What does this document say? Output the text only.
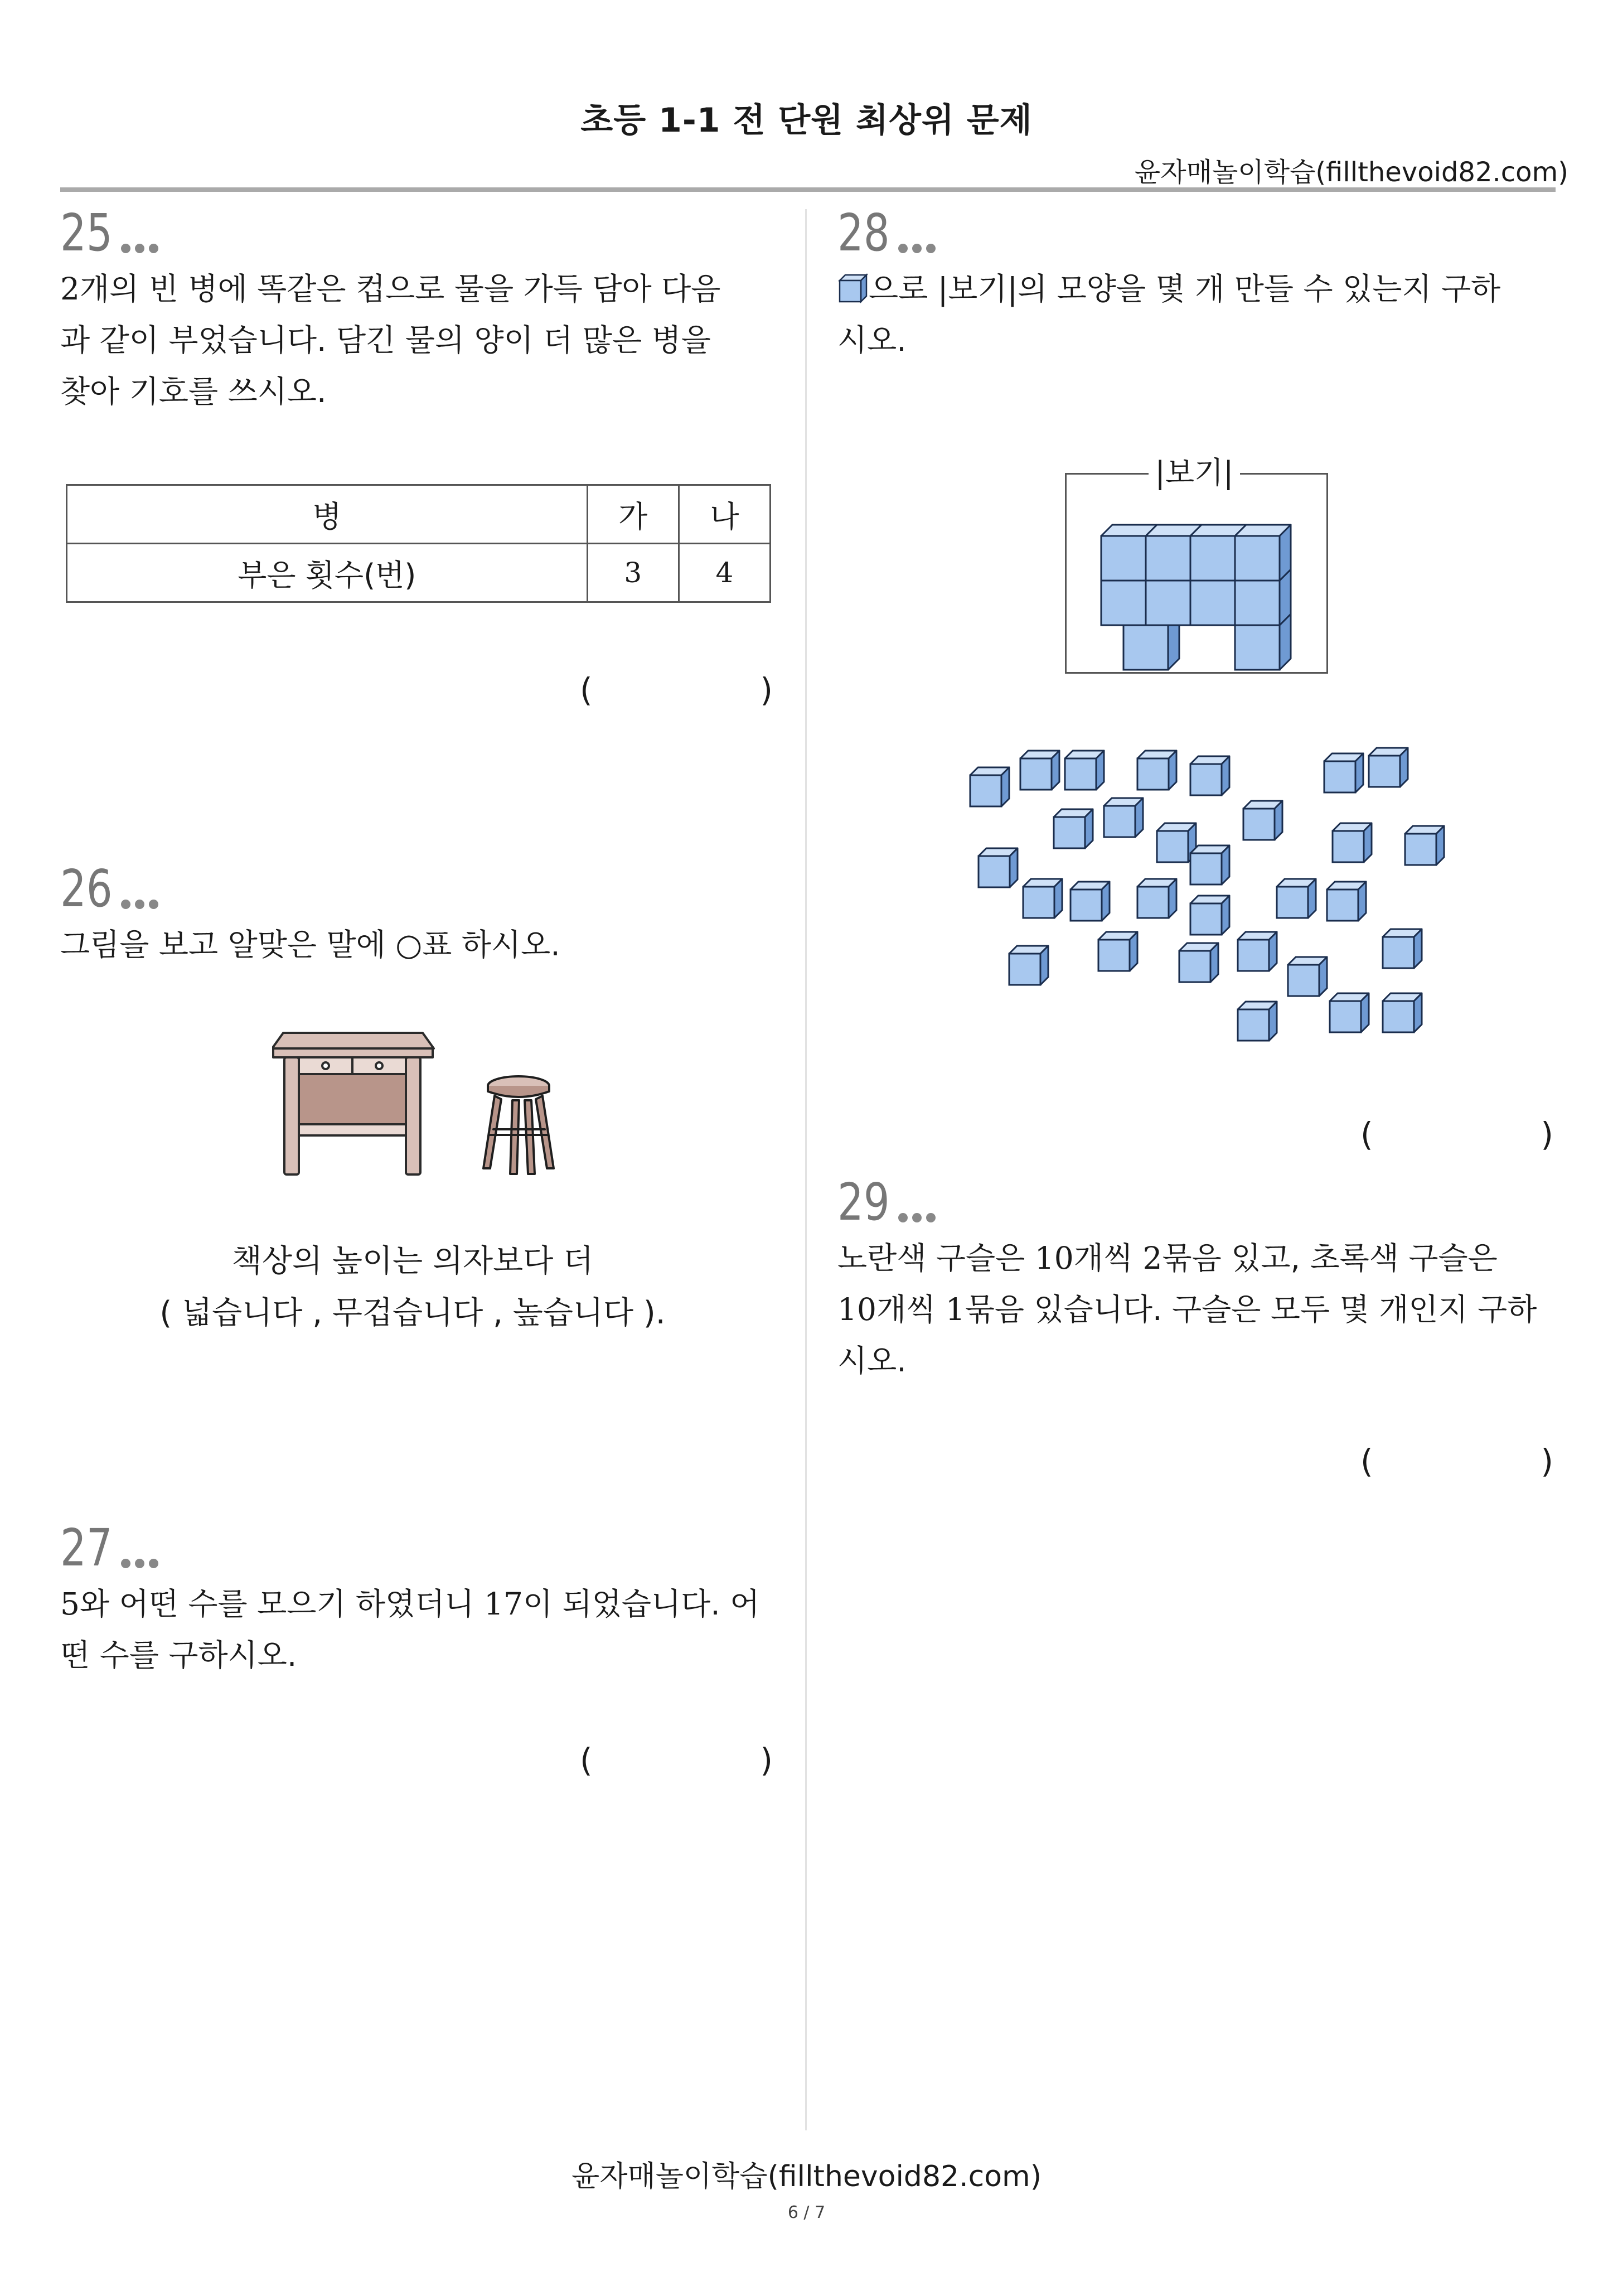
초등 1-1 전 단원 최상위 문제
윤자매놀이학습(fillthevoid82.com)
25
2개의 빈 병에 똑같은 컵으로 물을 가득 담아 다음
과 같이 부었습니다. 담긴 물의 양이 더 많은 병을
찾아 기호를 쓰시오.
병	가	나
부은 횟수(번)	3	4
(	)
26
그림을 보고 알맞은 말에 ○표 하시오.
책상의 높이는 의자보다 더
( 넓습니다 , 무겁습니다 , 높습니다 ).
27
5와 어떤 수를 모으기 하였더니 17이 되었습니다. 어
떤 수를 구하시오.
(	)
28
으로 |보기|의 모양을 몇 개 만들 수 있는지 구하
시오.
|보기|
(	)
29
노란색 구슬은 10개씩 2묶음 있고, 초록색 구슬은
10개씩 1묶음 있습니다. 구슬은 모두 몇 개인지 구하
시오.
(	)
윤자매놀이학습(fillthevoid82.com)
6 / 7
